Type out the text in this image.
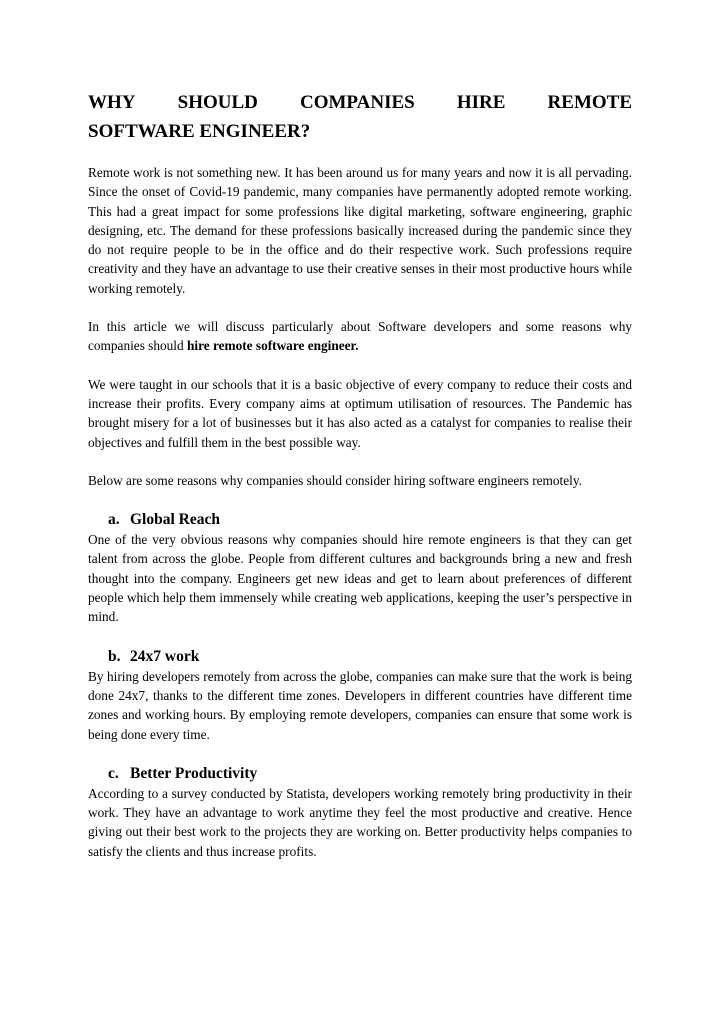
WHY SHOULD COMPANIES HIRE REMOTE
SOFTWARE ENGINEER?

Remote work is not something new. It has been around us for many years and now it is all pervading. Since the onset of Covid-19 pandemic, many companies have permanently adopted remote working. This had a great impact for some professions like digital marketing, software engineering, graphic designing, etc. The demand for these professions basically increased during the pandemic since they do not require people to be in the office and do their respective work. Such professions require creativity and they have an advantage to use their creative senses in their most productive hours while working remotely.

In this article we will discuss particularly about Software developers and some reasons why companies should hire remote software engineer.

We were taught in our schools that it is a basic objective of every company to reduce their costs and increase their profits. Every company aims at optimum utilisation of resources. The Pandemic has brought misery for a lot of businesses but it has also acted as a catalyst for companies to realise their objectives and fulfill them in the best possible way.

Below are some reasons why companies should consider hiring software engineers remotely.

a. Global Reach

One of the very obvious reasons why companies should hire remote engineers is that they can get talent from across the globe. People from different cultures and backgrounds bring a new and fresh thought into the company. Engineers get new ideas and get to learn about preferences of different people which help them immensely while creating web applications, keeping the user’s perspective in mind.

b. 24x7 work

By hiring developers remotely from across the globe, companies can make sure that the work is being done 24x7, thanks to the different time zones. Developers in different countries have different time zones and working hours. By employing remote developers, companies can ensure that some work is being done every time.

c. Better Productivity

According to a survey conducted by Statista, developers working remotely bring productivity in their work. They have an advantage to work anytime they feel the most productive and creative. Hence giving out their best work to the projects they are working on. Better productivity helps companies to satisfy the clients and thus increase profits.
